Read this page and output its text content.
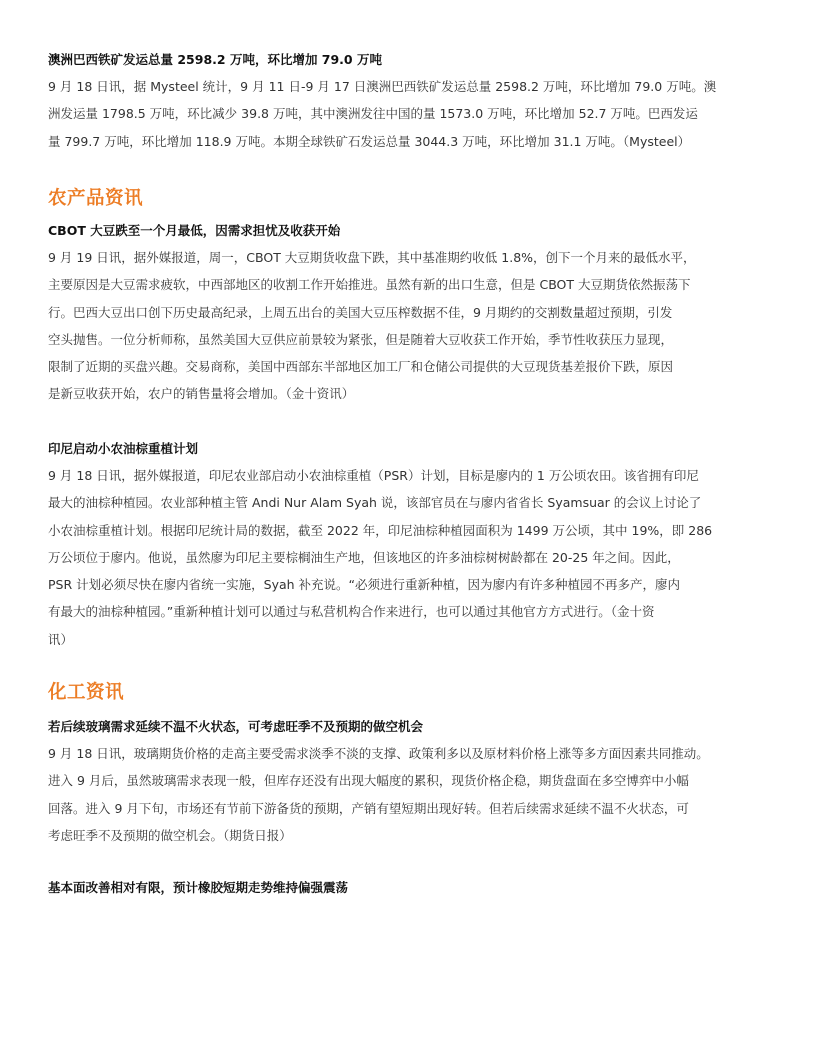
澳洲巴西铁矿发运总量 2598.2 万吨，环比增加 79.0 万吨

9 月 18 日讯，据 Mysteel 统计，9 月 11 日-9 月 17 日澳洲巴西铁矿发运总量 2598.2 万吨，环比增加 79.0 万吨。澳
洲发运量 1798.5 万吨，环比减少 39.8 万吨，其中澳洲发往中国的量 1573.0 万吨，环比增加 52.7 万吨。巴西发运
量 799.7 万吨，环比增加 118.9 万吨。本期全球铁矿石发运总量 3044.3 万吨，环比增加 31.1 万吨。（Mysteel）

农产品资讯
CBOT 大豆跌至一个月最低，因需求担忧及收获开始

9 月 19 日讯，据外媒报道，周一，CBOT 大豆期货收盘下跌，其中基准期约收低 1.8%，创下一个月来的最低水平，
主要原因是大豆需求疲软，中西部地区的收割工作开始推进。虽然有新的出口生意，但是 CBOT 大豆期货依然振荡下
行。巴西大豆出口创下历史最高纪录，上周五出台的美国大豆压榨数据不佳，9 月期约的交割数量超过预期，引发
空头抛售。一位分析师称，虽然美国大豆供应前景较为紧张，但是随着大豆收获工作开始，季节性收获压力显现，
限制了近期的买盘兴趣。交易商称，美国中西部东半部地区加工厂和仓储公司提供的大豆现货基差报价下跌，原因
是新豆收获开始，农户的销售量将会增加。（金十资讯）

印尼启动小农油棕重植计划

9 月 18 日讯，据外媒报道，印尼农业部启动小农油棕重植（PSR）计划，目标是廖内的 1 万公顷农田。该省拥有印尼
最大的油棕种植园。农业部种植主管 Andi Nur Alam Syah 说，该部官员在与廖内省省长 Syamsuar 的会议上讨论了
小农油棕重植计划。根据印尼统计局的数据，截至 2022 年，印尼油棕种植园面积为 1499 万公顷，其中 19%，即 286
万公顷位于廖内。他说，虽然廖为印尼主要棕榈油生产地，但该地区的许多油棕树树龄都在 20-25 年之间。因此，
PSR 计划必须尽快在廖内省统一实施，Syah 补充说。“必须进行重新种植，因为廖内有许多种植园不再多产，廖内
有最大的油棕种植园。”重新种植计划可以通过与私营机构合作来进行，也可以通过其他官方方式进行。（金十资
讯）

化工资讯
若后续玻璃需求延续不温不火状态，可考虑旺季不及预期的做空机会

9 月 18 日讯，玻璃期货价格的走高主要受需求淡季不淡的支撑、政策利多以及原材料价格上涨等多方面因素共同推动。
进入 9 月后，虽然玻璃需求表现一般，但库存还没有出现大幅度的累积，现货价格企稳，期货盘面在多空博弈中小幅
回落。进入 9 月下旬，市场还有节前下游备货的预期，产销有望短期出现好转。但若后续需求延续不温不火状态，可
考虑旺季不及预期的做空机会。（期货日报）

基本面改善相对有限，预计橡胶短期走势维持偏强震荡
